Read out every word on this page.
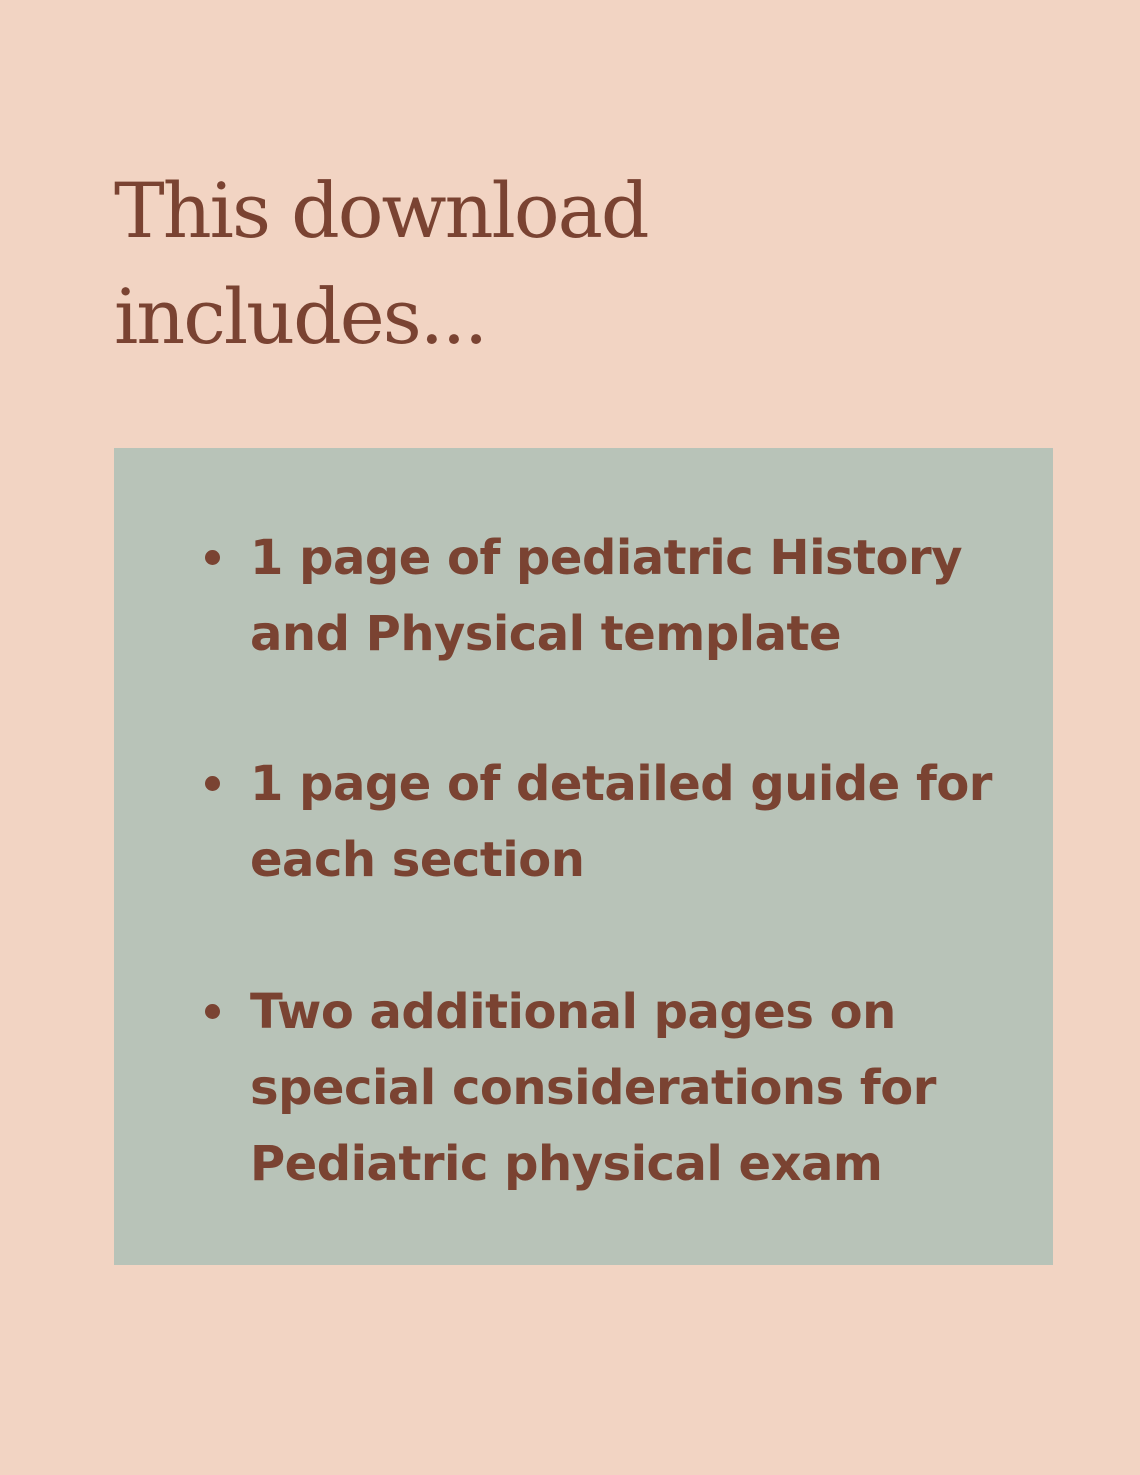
This download
includes...
1 page of pediatric History
and Physical template
1 page of detailed guide for
each section
Two additional pages on
special considerations for
Pediatric physical exam
